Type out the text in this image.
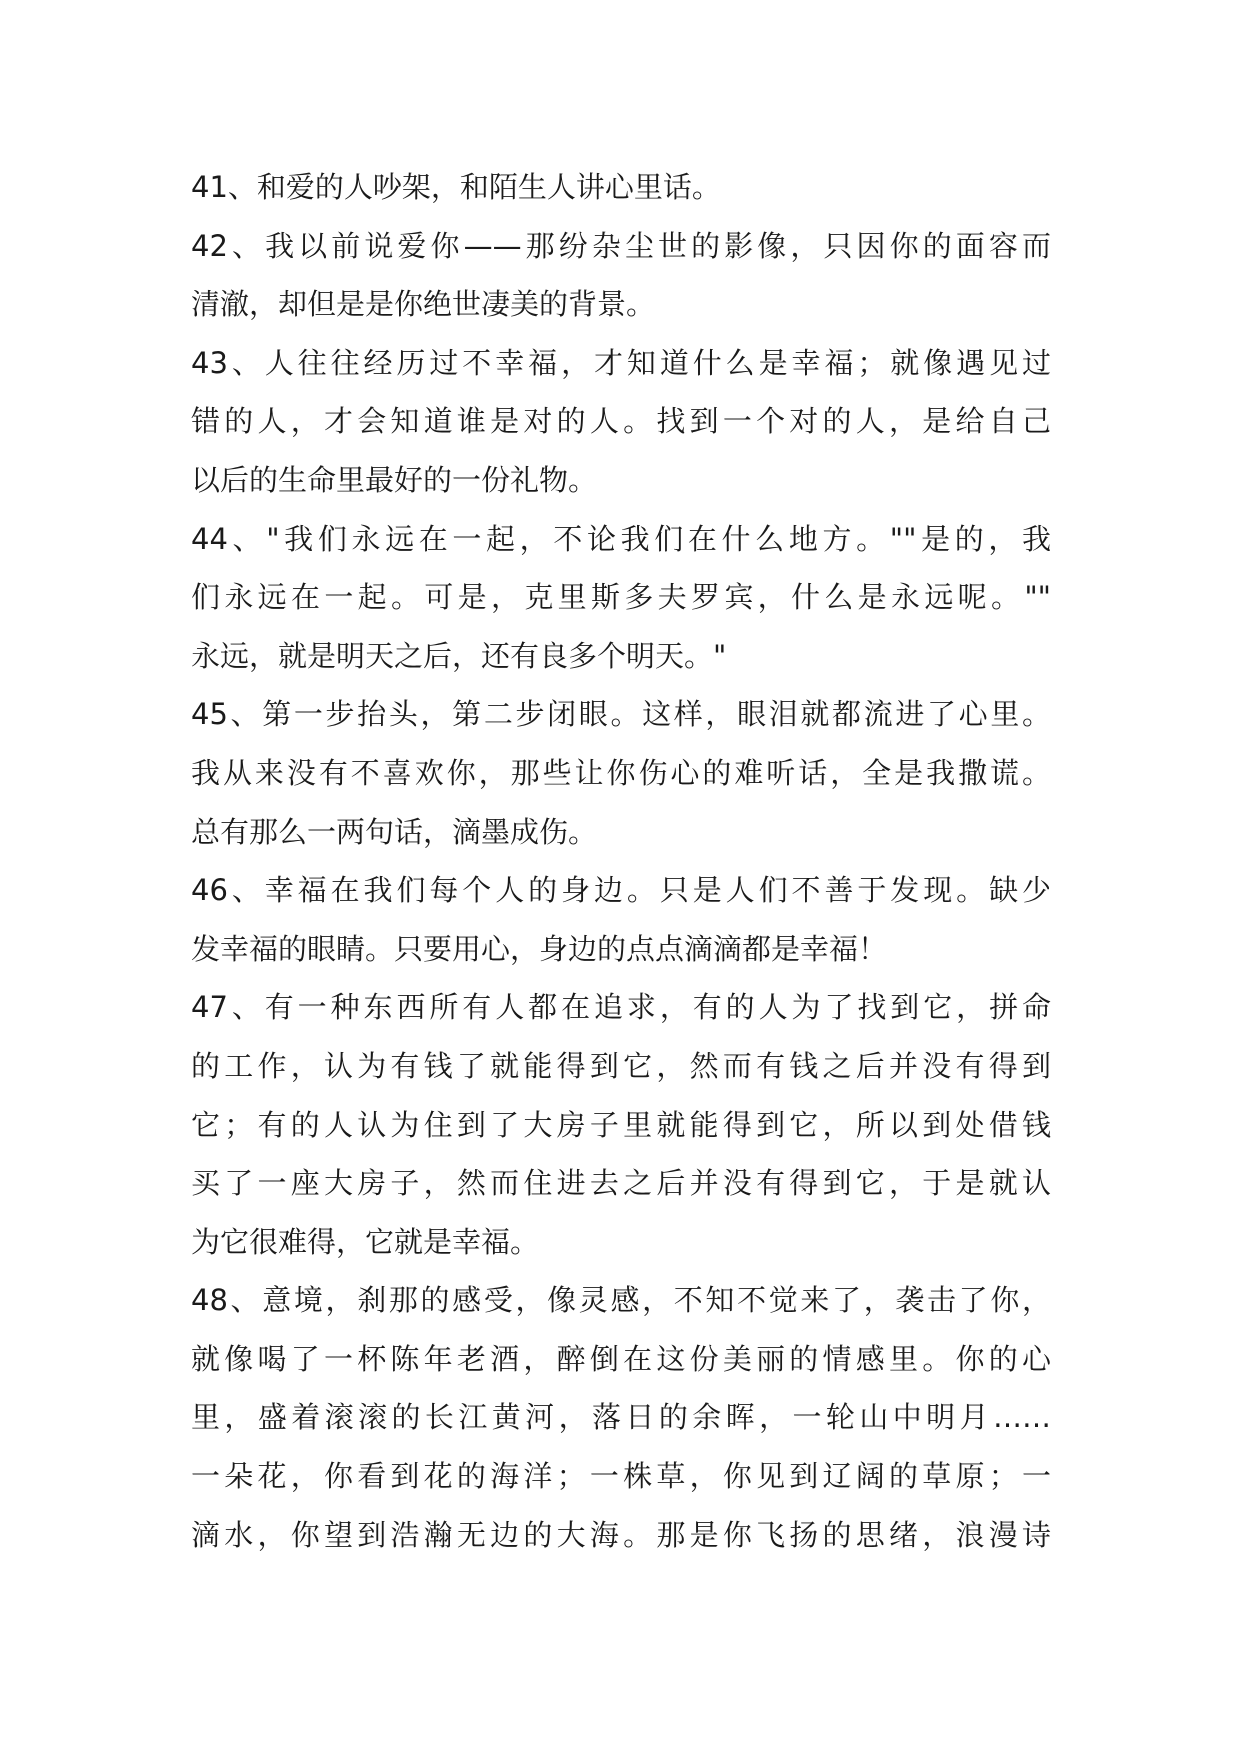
41、和爱的人吵架，和陌生人讲心里话。
42、我以前说爱你——那纷杂尘世的影像，只因你的面容而
清澈，却但是是你绝世凄美的背景。
43、人往往经历过不幸福，才知道什么是幸福；就像遇见过
错的人，才会知道谁是对的人。找到一个对的人，是给自己
以后的生命里最好的一份礼物。
44、"我们永远在一起，不论我们在什么地方。""是的，我
们永远在一起。可是，克里斯多夫罗宾，什么是永远呢。""
永远，就是明天之后，还有良多个明天。"
45、第一步抬头，第二步闭眼。这样，眼泪就都流进了心里。
我从来没有不喜欢你，那些让你伤心的难听话，全是我撒谎。
总有那么一两句话，滴墨成伤。
46、幸福在我们每个人的身边。只是人们不善于发现。缺少
发幸福的眼睛。只要用心，身边的点点滴滴都是幸福！
47、有一种东西所有人都在追求，有的人为了找到它，拼命
的工作，认为有钱了就能得到它，然而有钱之后并没有得到
它；有的人认为住到了大房子里就能得到它，所以到处借钱
买了一座大房子，然而住进去之后并没有得到它，于是就认
为它很难得，它就是幸福。
48、意境，刹那的感受，像灵感，不知不觉来了，袭击了你，
就像喝了一杯陈年老酒，醉倒在这份美丽的情感里。你的心
里，盛着滚滚的长江黄河，落日的余晖，一轮山中明月……
一朵花，你看到花的海洋；一株草，你见到辽阔的草原；一
滴水，你望到浩瀚无边的大海。那是你飞扬的思绪，浪漫诗
